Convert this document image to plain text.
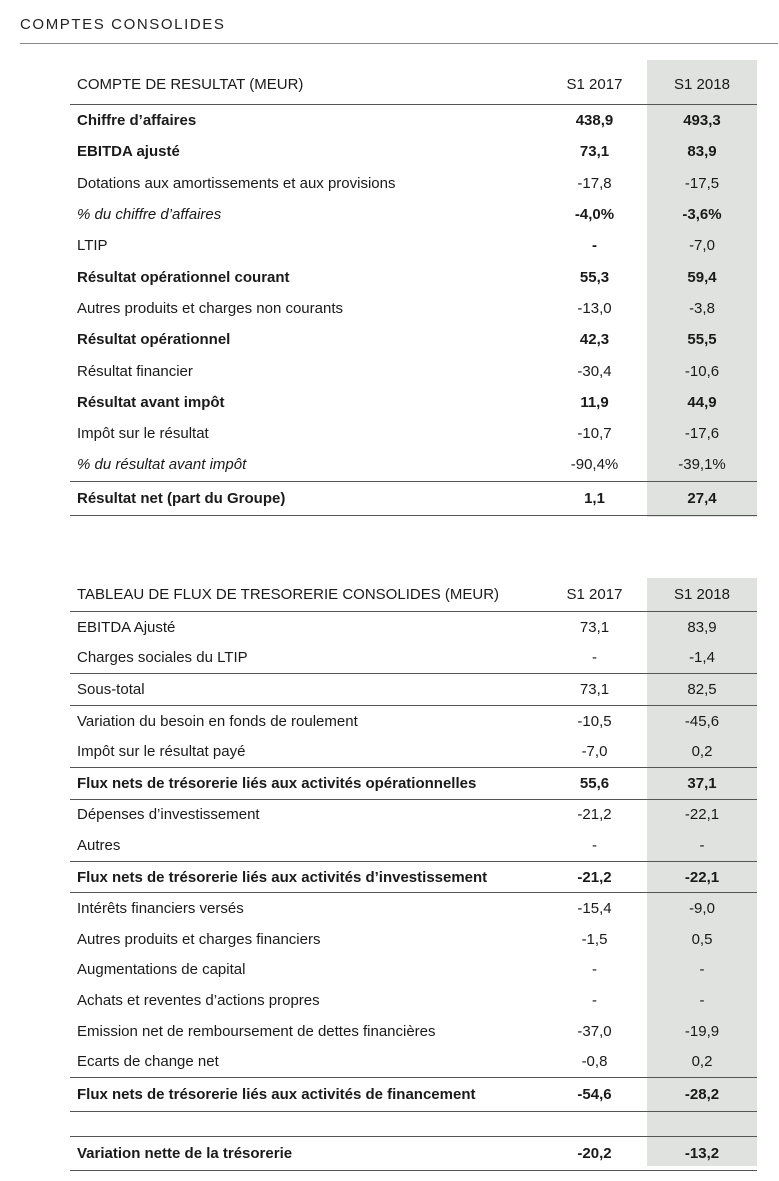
COMPTES CONSOLIDES
COMPTE DE RESULTAT (MEUR)	S1 2017	S1 2018
Chiffre d’affaires	438,9	493,3
EBITDA ajusté	73,1	83,9
Dotations aux amortissements et aux provisions	-17,8	-17,5
% du chiffre d’affaires	-4,0%	-3,6%
LTIP	-	-7,0
Résultat opérationnel courant	55,3	59,4
Autres produits et charges non courants	-13,0	-3,8
Résultat opérationnel	42,3	55,5
Résultat financier	-30,4	-10,6
Résultat avant impôt	11,9	44,9
Impôt sur le résultat	-10,7	-17,6
% du résultat avant impôt	-90,4%	-39,1%
Résultat net (part du Groupe)	1,1	27,4
TABLEAU DE FLUX DE TRESORERIE CONSOLIDES (MEUR)	S1 2017	S1 2018
EBITDA Ajusté	73,1	83,9
Charges sociales du LTIP	-	-1,4
Sous-total	73,1	82,5
Variation du besoin en fonds de roulement	-10,5	-45,6
Impôt sur le résultat payé	-7,0	0,2
Flux nets de trésorerie liés aux activités opérationnelles	55,6	37,1
Dépenses d’investissement	-21,2	-22,1
Autres	-	-
Flux nets de trésorerie liés aux activités d’investissement	-21,2	-22,1
Intérêts financiers versés	-15,4	-9,0
Autres produits et charges financiers	-1,5	0,5
Augmentations de capital	-	-
Achats et reventes d’actions propres	-	-
Emission net de remboursement de dettes financières	-37,0	-19,9
Ecarts de change net	-0,8	0,2
Flux nets de trésorerie liés aux activités de financement	-54,6	-28,2

Variation nette de la trésorerie	-20,2	-13,2
